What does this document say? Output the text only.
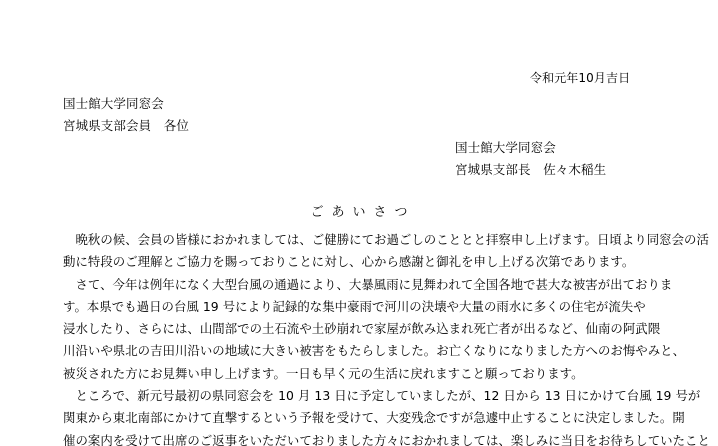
令和元年10月吉日
国士館大学同窓会
宮城県支部会員　各位
国士館大学同窓会
宮城県支部長　佐々木稲生
ごあいさつ
　晩秋の候、会員の皆様におかれましては、ご健勝にてお過ごしのこととと拝察申し上げます。日頃より同窓会の活
動に特段のご理解とご協力を賜っておりことに対し、心から感謝と御礼を申し上げる次第であります。
　さて、今年は例年になく大型台風の通過により、大暴風雨に見舞われて全国各地で甚大な被害が出ておりま
す。本県でも過日の台風 19 号により記録的な集中豪雨で河川の決壊や大量の雨水に多くの住宅が流失や
浸水したり、さらには、山間部での土石流や土砂崩れで家屋が飲み込まれ死亡者が出るなど、仙南の阿武隈
川沿いや県北の吉田川沿いの地域に大きい被害をもたらしました。お亡くなりになりました方へのお悔やみと、
被災された方にお見舞い申し上げます。一日も早く元の生活に戻れますこと願っております。
　ところで、新元号最初の県同窓会を 10 月 13 日に予定していましたが、12 日から 13 日にかけて台風 19 号が
関東から東北南部にかけて直撃するという予報を受けて、大変残念ですが急遽中止することに決定しました。開
催の案内を受けて出席のご返事をいただいておりました方々におかれましては、楽しみに当日をお待ちしていたこと
